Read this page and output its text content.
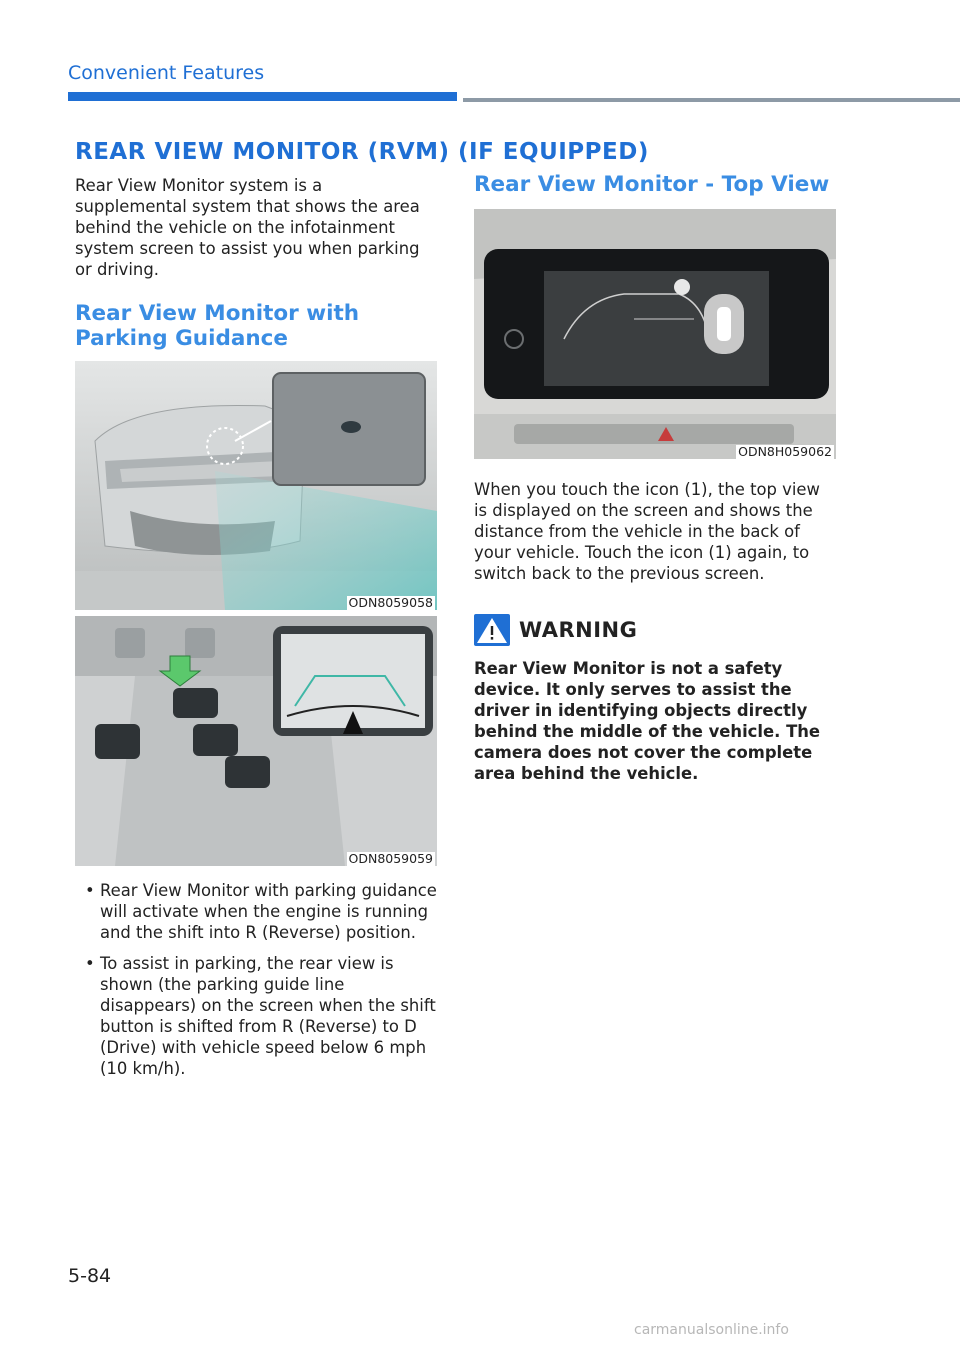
Convenient Features
REAR VIEW MONITOR (RVM) (IF EQUIPPED)

Rear View Monitor system is a supplemental system that shows the area behind the vehicle on the infotainment system screen to assist you when parking or driving.

Rear View Monitor with Parking Guidance

ODN8059058
ODN8059059
• Rear View Monitor with parking guidance will activate when the engine is running and the shift into R (Reverse) position.
• To assist in parking, the rear view is shown (the parking guide line disappears) on the screen when the shift button is shifted from R (Reverse) to D (Drive) with vehicle speed below 6 mph (10 km/h).

Rear View Monitor - Top View

ODN8H059062

When you touch the icon (1), the top view is displayed on the screen and shows the distance from the vehicle in the back of your vehicle. Touch the icon (1) again, to switch back to the previous screen.

WARNING

Rear View Monitor is not a safety device. It only serves to assist the driver in identifying objects directly behind the middle of the vehicle. The camera does not cover the complete area behind the vehicle.

5-84
carmanualsonline.info
